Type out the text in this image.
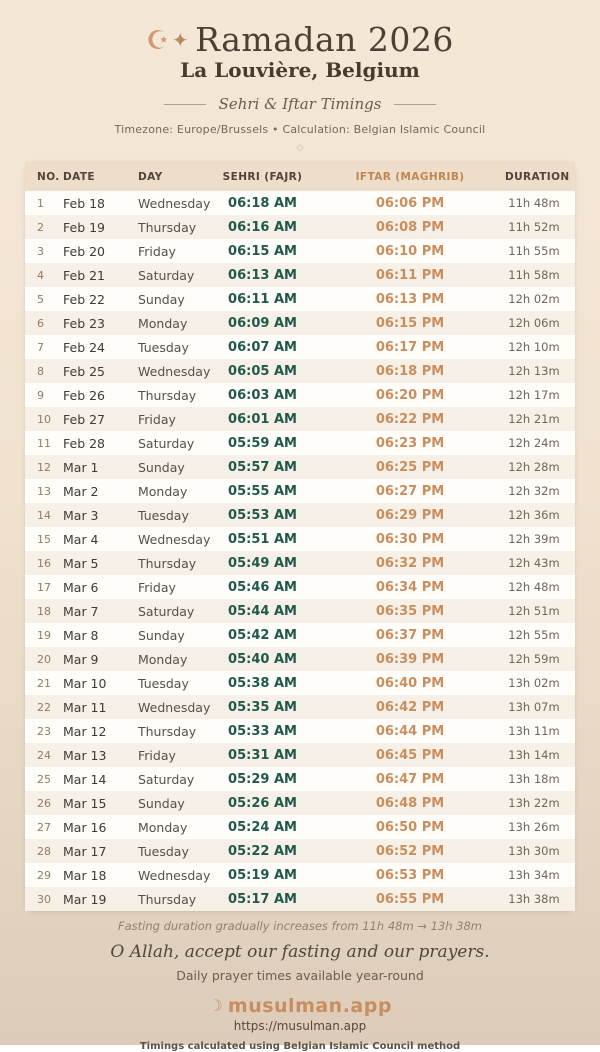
☪ ✦ Ramadan 2026
La Louvière, Belgium
Sehri & Iftar Timings
Timezone: Europe/Brussels • Calculation: Belgian Islamic Council
◇
NO. DATE	DAY	SEHRI (FAJR)	IFTAR (MAGHRIB)	DURATION
1	Feb 18	Wednesday	06:18 AM	06:06 PM	11h 48m
2	Feb 19	Thursday	06:16 AM	06:08 PM	11h 52m
3	Feb 20	Friday	06:15 AM	06:10 PM	11h 55m
4	Feb 21	Saturday	06:13 AM	06:11 PM	11h 58m
5	Feb 22	Sunday	06:11 AM	06:13 PM	12h 02m
6	Feb 23	Monday	06:09 AM	06:15 PM	12h 06m
7	Feb 24	Tuesday	06:07 AM	06:17 PM	12h 10m
8	Feb 25	Wednesday	06:05 AM	06:18 PM	12h 13m
9	Feb 26	Thursday	06:03 AM	06:20 PM	12h 17m
10 Feb 27	Friday	06:01 AM	06:22 PM	12h 21m
11 Feb 28	Saturday	05:59 AM	06:23 PM	12h 24m
12 Mar 1	Sunday	05:57 AM	06:25 PM	12h 28m
13 Mar 2	Monday	05:55 AM	06:27 PM	12h 32m
14 Mar 3	Tuesday	05:53 AM	06:29 PM	12h 36m
15 Mar 4	Wednesday	05:51 AM	06:30 PM	12h 39m
16 Mar 5	Thursday	05:49 AM	06:32 PM	12h 43m
17 Mar 6	Friday	05:46 AM	06:34 PM	12h 48m
18 Mar 7	Saturday	05:44 AM	06:35 PM	12h 51m
19 Mar 8	Sunday	05:42 AM	06:37 PM	12h 55m
20 Mar 9	Monday	05:40 AM	06:39 PM	12h 59m
21 Mar 10	Tuesday	05:38 AM	06:40 PM	13h 02m
22 Mar 11	Wednesday	05:35 AM	06:42 PM	13h 07m
23 Mar 12	Thursday	05:33 AM	06:44 PM	13h 11m
24 Mar 13	Friday	05:31 AM	06:45 PM	13h 14m
25 Mar 14	Saturday	05:29 AM	06:47 PM	13h 18m
26 Mar 15	Sunday	05:26 AM	06:48 PM	13h 22m
27 Mar 16	Monday	05:24 AM	06:50 PM	13h 26m
28 Mar 17	Tuesday	05:22 AM	06:52 PM	13h 30m
29 Mar 18	Wednesday	05:19 AM	06:53 PM	13h 34m
30 Mar 19	Thursday	05:17 AM	06:55 PM	13h 38m
Fasting duration gradually increases from 11h 48m → 13h 38m
O Allah, accept our fasting and our prayers.
Daily prayer times available year-round
☾ musulman.app
https://musulman.app
Timings calculated using Belgian Islamic Council method
